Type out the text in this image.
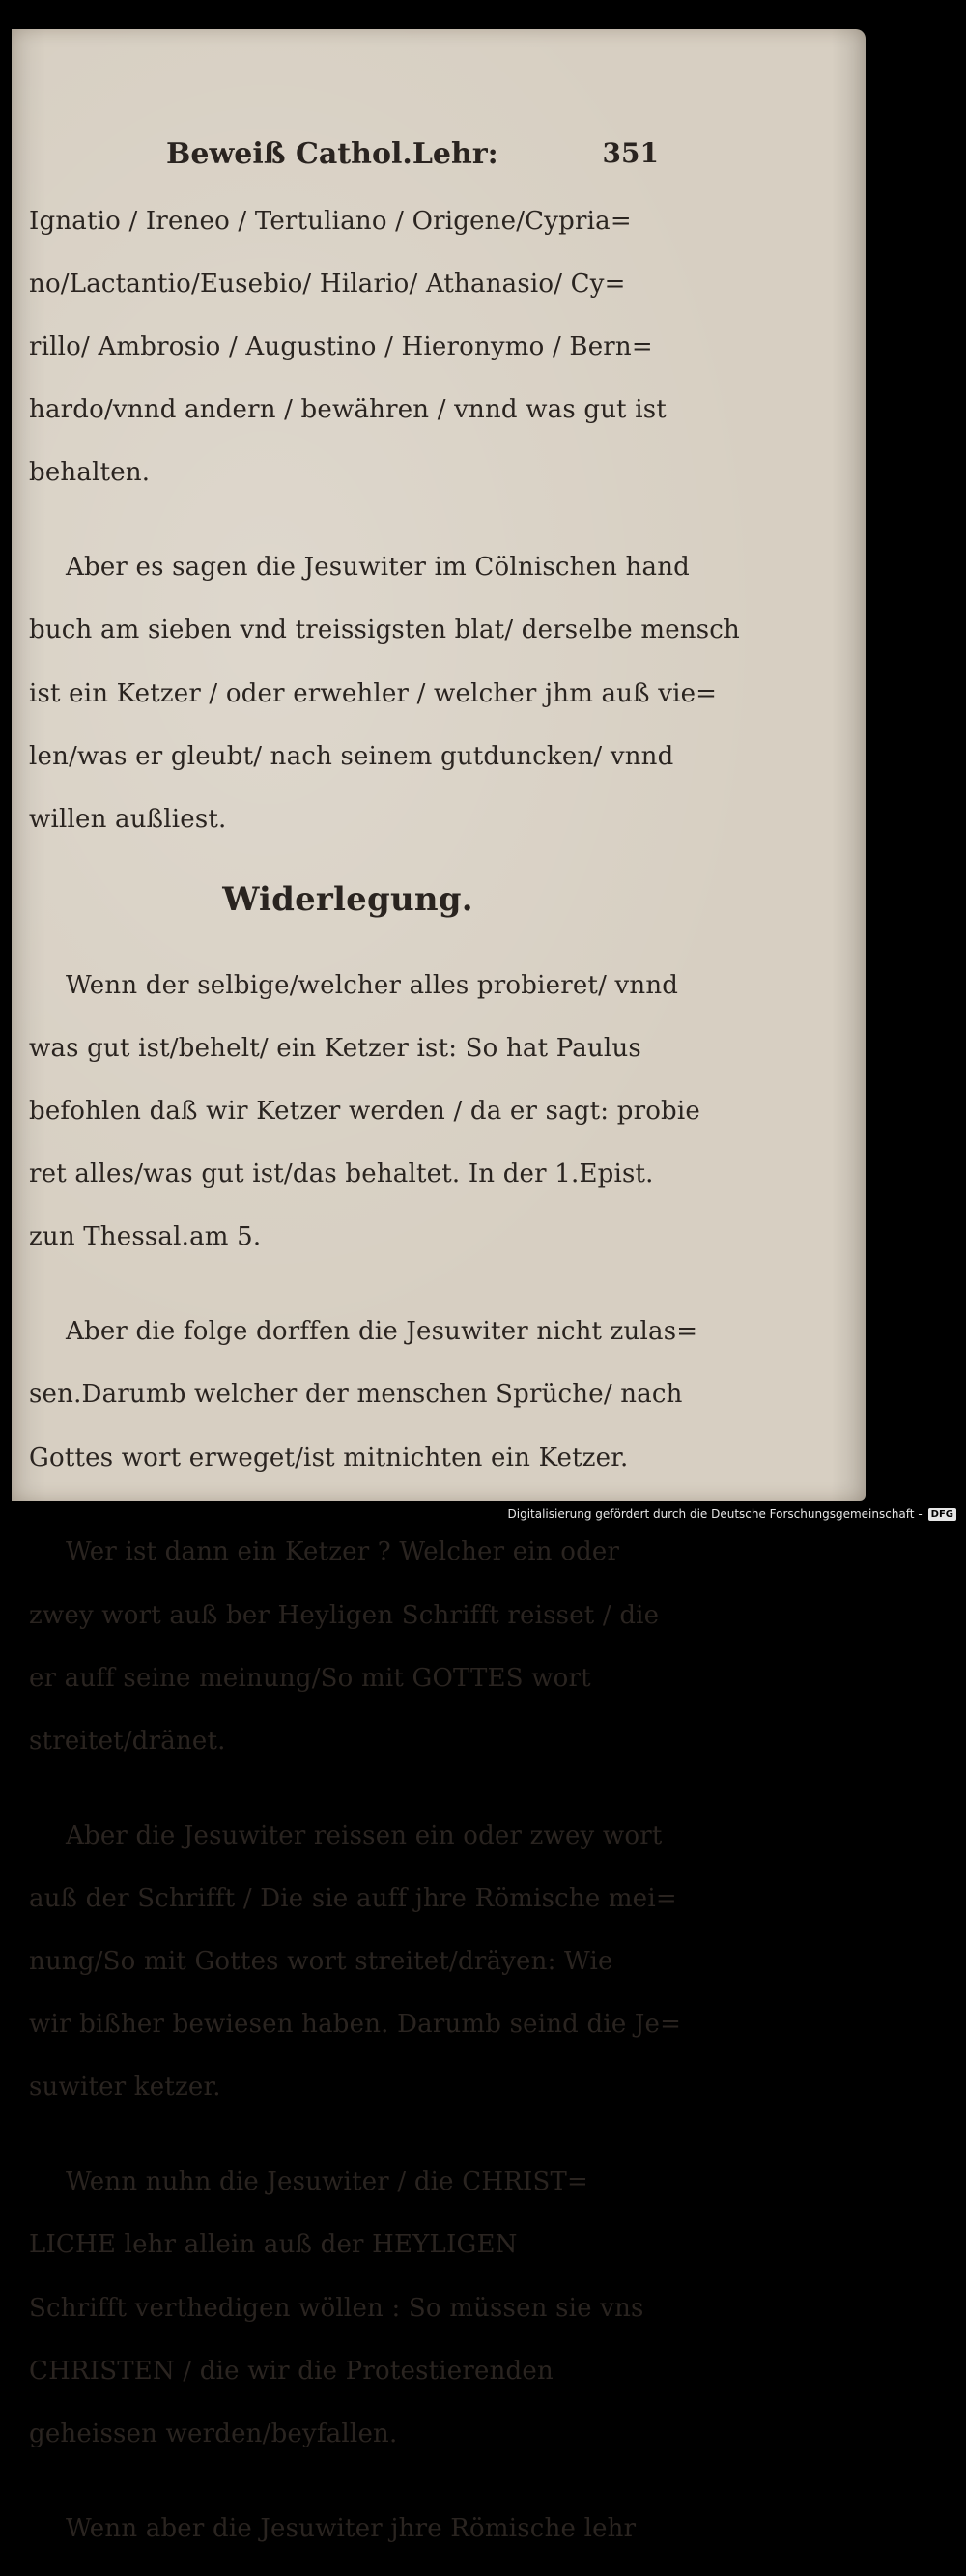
Beweiß Cathol.Lehr:	351

Ignatio / Ireneo / Tertuliano / Origene/Cypria=

no/Lactantio/Eusebio/ Hilario/ Athanasio/ Cy=

rillo/ Ambrosio / Augustino / Hieronymo / Bern=

hardo/vnnd andern / bewähren / vnnd was gut ist

behalten.

Aber es sagen die Jesuwiter im Cölnischen hand

buch am sieben vnd treissigsten blat/ derselbe mensch

ist ein Ketzer / oder erwehler / welcher jhm auß vie=

len/was er gleubt/ nach seinem gutduncken/ vnnd

willen außliest.

Widerlegung.

Wenn der selbige/welcher alles probieret/ vnnd

was gut ist/behelt/ ein Ketzer ist: So hat Paulus

befohlen daß wir Ketzer werden / da er sagt: probie

ret alles/was gut ist/das behaltet. In der 1.Epist.

zun Thessal.am 5.

Aber die folge dorffen die Jesuwiter nicht zulas=

sen.Darumb welcher der menschen Sprüche/ nach

Gottes wort erweget/ist mitnichten ein Ketzer.

Wer ist dann ein Ketzer ? Welcher ein oder

zwey wort auß ber Heyligen Schrifft reisset / die

er auff seine meinung/So mit GOTTES wort

streitet/dränet.

Aber die Jesuwiter reissen ein oder zwey wort

auß der Schrifft / Die sie auff jhre Römische mei=

nung/So mit Gottes wort streitet/dräyen: Wie

wir bißher bewiesen haben. Darumb seind die Je=

suwiter ketzer.

Wenn nuhn die Jesuwiter / die CHRIST=

LICHE lehr allein auß der HEYLIGEN

Schrifft verthedigen wöllen : So müssen sie vns

CHRISTEN / die wir die Protestierenden

geheissen werden/beyfallen.

Wenn aber die Jesuwiter jhre Römische lehr

Digitalisierung gefördert durch die Deutsche Forschungsgemeinschaft - DFG
